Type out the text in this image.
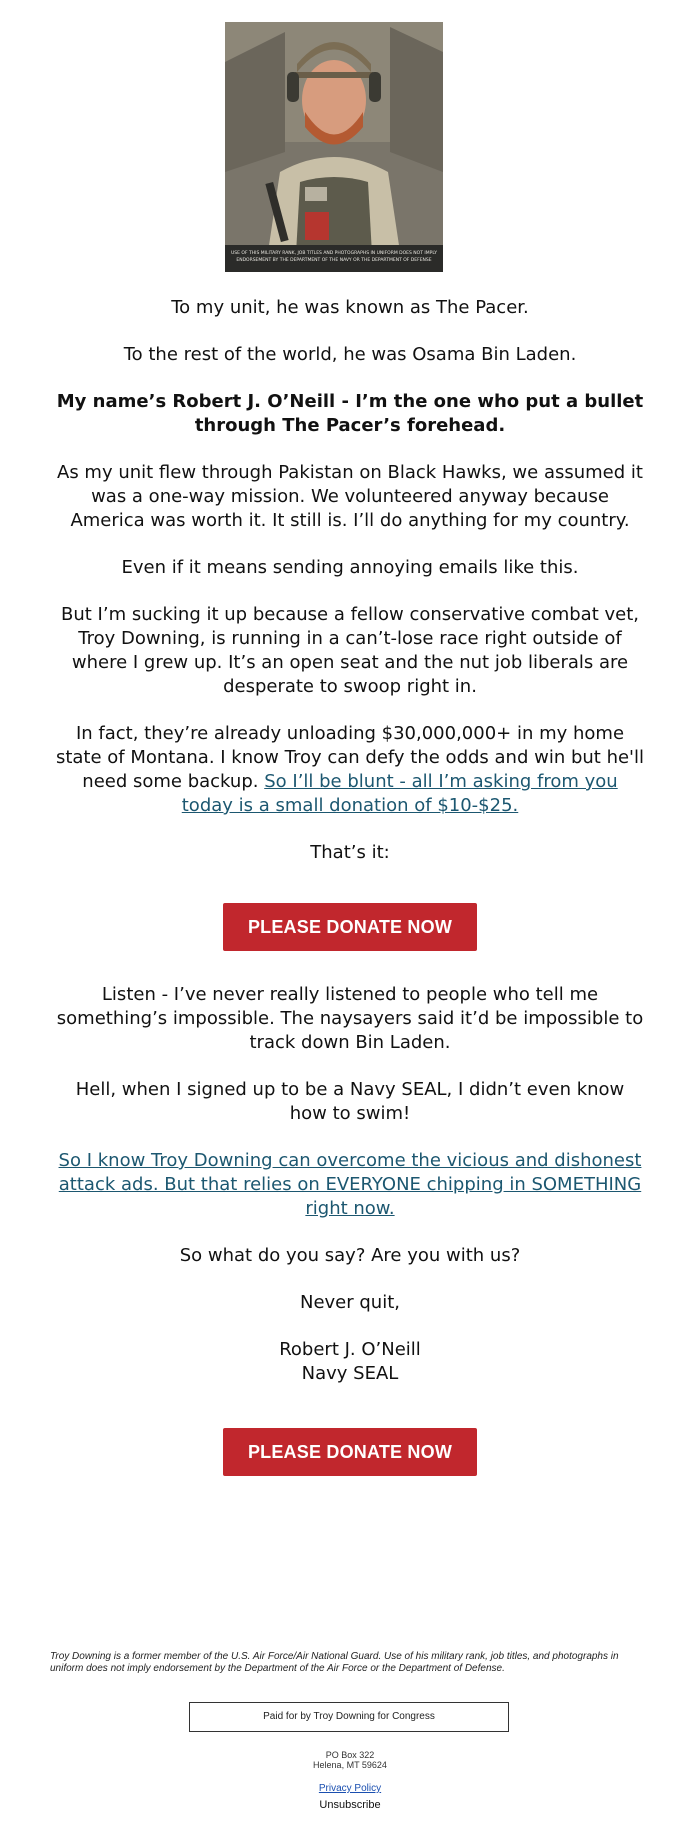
USE OF THIS MILITARY RANK, JOB TITLES AND PHOTOGRAPHS IN UNIFORM DOES NOT IMPLY
ENDORSEMENT BY THE DEPARTMENT OF THE NAVY OR THE DEPARTMENT OF DEFENSE

To my unit, he was known as The Pacer.

To the rest of the world, he was Osama Bin Laden.

My name’s Robert J. O’Neill - I’m the one who put a bullet through The Pacer’s forehead.

As my unit flew through Pakistan on Black Hawks, we assumed it was a one-way mission. We volunteered anyway because America was worth it. It still is. I’ll do anything for my country.

Even if it means sending annoying emails like this.

But I’m sucking it up because a fellow conservative combat vet, Troy Downing, is running in a can’t-lose race right outside of where I grew up. It’s an open seat and the nut job liberals are desperate to swoop right in.

In fact, they’re already unloading $30,000,000+ in my home state of Montana. I know Troy can defy the odds and win but he'll need some backup. So I’ll be blunt - all I’m asking from you today is a small donation of $10-$25.

That’s it:

PLEASE DONATE NOW

Listen - I’ve never really listened to people who tell me something’s impossible. The naysayers said it’d be impossible to track down Bin Laden.

Hell, when I signed up to be a Navy SEAL, I didn’t even know how to swim!

So I know Troy Downing can overcome the vicious and dishonest attack ads. But that relies on EVERYONE chipping in SOMETHING right now.

So what do you say? Are you with us?

Never quit,

Robert J. O’Neill

Navy SEAL

PLEASE DONATE NOW

Troy Downing is a former member of the U.S. Air Force/Air National Guard. Use of his military rank, job titles, and photographs in uniform does not imply endorsement by the Department of the Air Force or the Department of Defense.

Paid for by Troy Downing for Congress

PO Box 322

Helena, MT 59624

Privacy Policy

Unsubscribe
